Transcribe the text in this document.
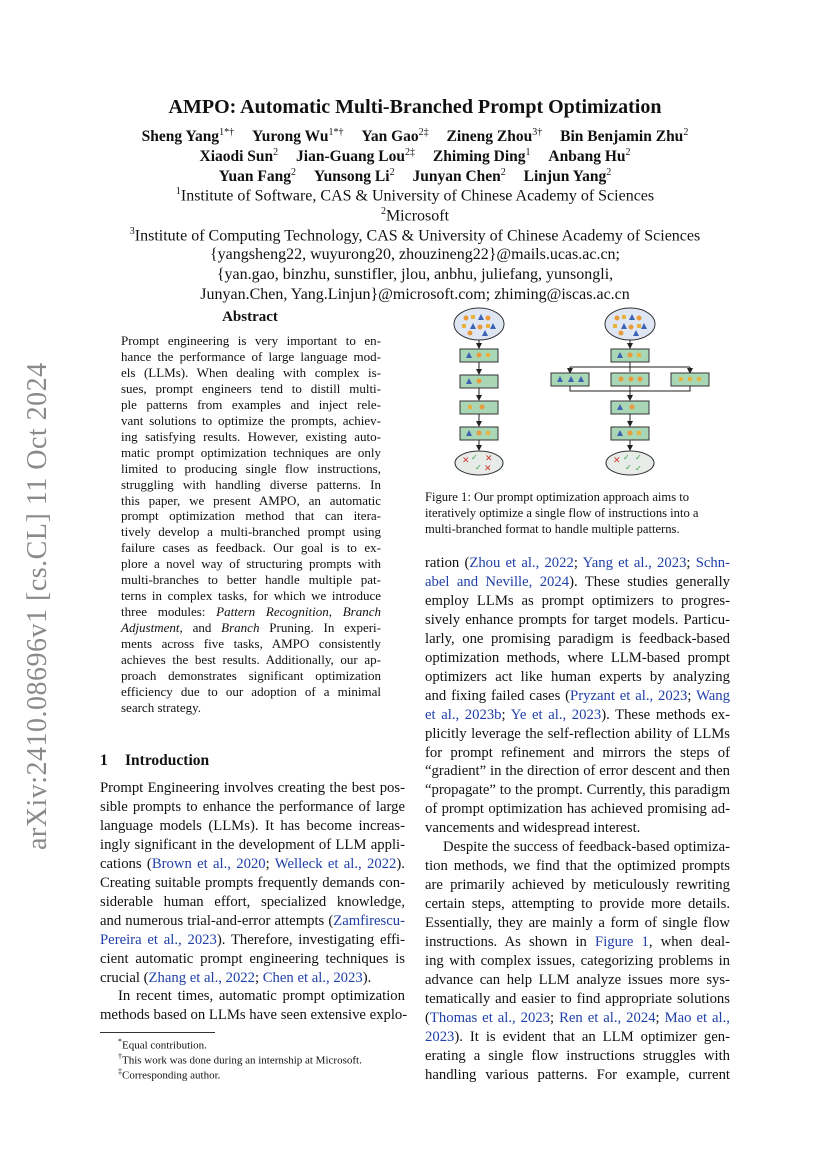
arXiv:2410.08696v1 [cs.CL] 11 Oct 2024
AMPO: Automatic Multi-Branched Prompt Optimization
Sheng Yang$^{1*\dagger}$ Yurong $Wu^{1*\dagger}$ Yan Gao$^{2\ddagger}$ Zineng Zhou$^{3\dagger}$ Bin Benjamin Zhu$^2$
Xiaodi Sun$^2$ Jian-Guang Lou$^{2\ddagger}$ Zhiming Ding$^1$ Anbang Hu$^2$
Yuan Fang$^2$ Yunsong Li$^2$ Junyan Chen$^2$ Linjun Yang$^2$
$^1$Institute of Software, CAS & University of Chinese Academy of Sciences
$^2$Microsoft
$^3$Institute of Computing Technology, CAS & University of Chinese Academy of Sciences
{yangsheng22, wuyurong20, zhouzineng22}@mails.ucas.ac.cn;
{yan.gao, binzhu, sunstifler, jlou, anbhu, juliefang, yunsongli,
Junyan.Chen, Yang.Linjun}@microsoft.com; zhiming@iscas.ac.cn
Abstract
Prompt engineering is very important to en-
hance the performance of large language mod-
els (LLMs). When dealing with complex is-
sues, prompt engineers tend to distill multi-
ple patterns from examples and inject rele-
vant solutions to optimize the prompts, achiev-
ing satisfying results. However, existing auto-
matic prompt optimization techniques are only
limited to producing single flow instructions,
struggling with handling diverse patterns. In
this paper, we present AMPO, an automatic
prompt optimization method that can itera-
tively develop a multi-branched prompt using
failure cases as feedback. Our goal is to ex-
plore a novel way of structuring prompts with
multi-branches to better handle multiple pat-
terns in complex tasks, for which we introduce
three modules: Pattern Recognition, Branch
Adjustment, and Branch Pruning. In experi-
ments across five tasks, AMPO consistently
achieves the best results. Additionally, our ap-
proach demonstrates significant optimization
efficiency due to our adoption of a minimal
search strategy.
1 Introduction
Prompt Engineering involves creating the best pos-
sible prompts to enhance the performance of large
language models (LLMs). It has become increas-
ingly significant in the development of LLM appli-
cations (Brown et al., 2020; Welleck et al., 2022).
Creating suitable prompts frequently demands con-
siderable human effort, specialized knowledge,
and numerous trial-and-error attempts (Zamfirescu-
Pereira et al., 2023). Therefore, investigating effi-
cient automatic prompt engineering techniques is
crucial (Zhang et al., 2022; Chen et al., 2023).
In recent times, automatic prompt optimization
methods based on LLMs have seen extensive explo-
ration (Zhou et al., 2022; Yang et al., 2023; Schn-
abel and Neville, 2024). These studies generally
employ LLMs as prompt optimizers to progres-
sively enhance prompts for target models. Particu-
larly, one promising paradigm is feedback-based
optimization methods, where LLM-based prompt
optimizers act like human experts by analyzing
and fixing failed cases (Pryzant et al., 2023; Wang
et al., 2023b; Ye et al., 2023). These methods ex-
plicitly leverage the self-reflection ability of LLMs
for prompt refinement and mirrors the steps of
“gradient” in the direction of error descent and then
“propagate” to the prompt. Currently, this paradigm
of prompt optimization has achieved promising ad-
vancements and widespread interest.
Despite the success of feedback-based optimiza-
tion methods, we find that the optimized prompts
are primarily achieved by meticulously rewriting
certain steps, attempting to provide more details.
Essentially, they are mainly a form of single flow
instructions. As shown in Figure 1, when deal-
ing with complex issues, categorizing problems in
advance can help LLM analyze issues more sys-
tematically and easier to find appropriate solutions
(Thomas et al., 2023; Ren et al., 2024; Mao et al.,
2023). It is evident that an LLM optimizer gen-
erating a single flow instructions struggles with
handling various patterns. For example, current
*Equal contribution.
†This work was done during an internship at Microsoft.
‡Corresponding author.
✕ ✓ ✕
✓ ✕
✕ ✓ ✓
✓ ✓
Figure 1: Our prompt optimization approach aims to
iteratively optimize a single flow of instructions into a
multi-branched format to handle multiple patterns.
